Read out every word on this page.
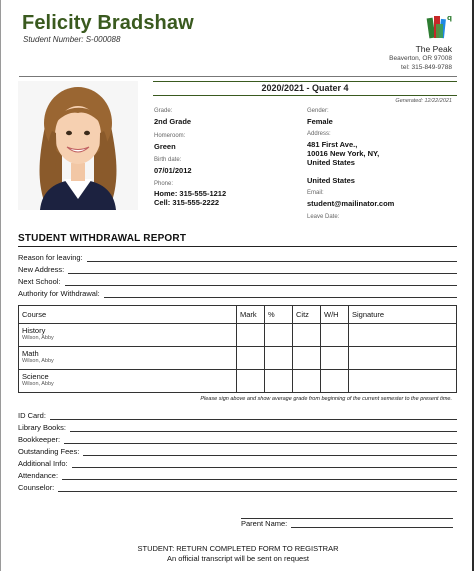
Felicity Bradshaw
Student Number: S-000088
q
The Peak
Beaverton, OR 97008
tel: 315-849-9788
2020/2021 - Quater 4
Generated: 12/22/2021
Grade:
2nd Grade
Homeroom:
Green
Birth date:
07/01/2012
Phone:
Home: 315-555-1212
Cell: 315-555-2222
Gender:
Female
Address:
481 First Ave.,
10016 New York, NY,
United States
United States
Email:
student@mailinator.com
Leave Date:
STUDENT WITHDRAWAL REPORT
Reason for leaving:
New Address:
Next School:
Authority for Withdrawal:
Course	Mark	%	Citz	W/H	Signature

History
Wilson, Abby					

Math
Wilson, Abby					

Science
Wilson, Abby					

Please sign above and show average grade from beginning of the current semester to the present time.
ID Card:
Library Books:
Bookkeeper:
Outstanding Fees:
Additional Info:
Attendance:
Counselor:
Parent Name:
STUDENT: RETURN COMPLETED FORM TO REGISTRAR
An official transcript will be sent on request
